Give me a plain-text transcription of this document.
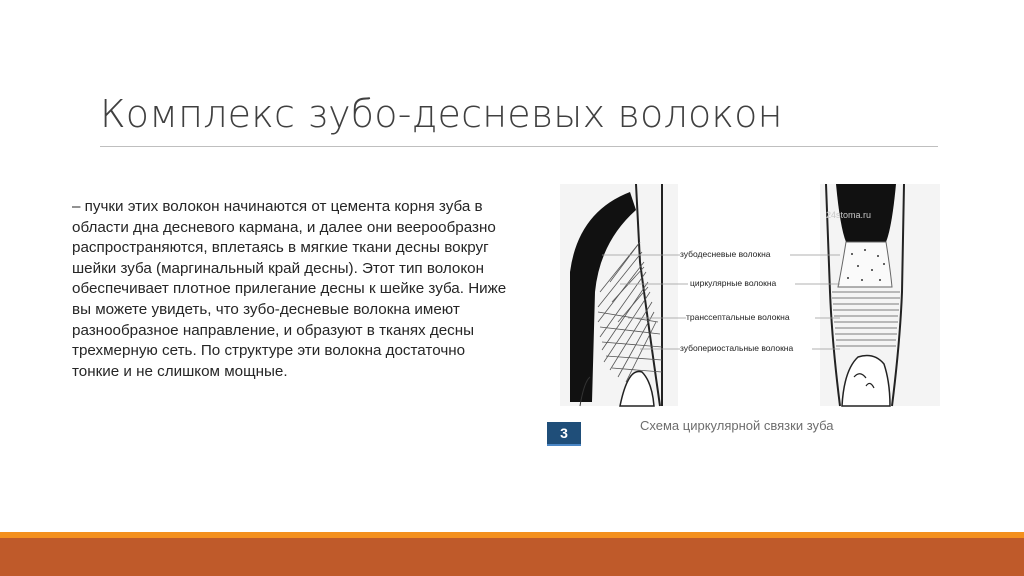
Комплекс зубо-десневых волокон
– пучки этих волокон начинаются от цемента корня зуба в области дна десневого кармана, и далее они веерообразно распространяются, вплетаясь в мягкие ткани десны вокруг шейки зуба (маргинальный край десны). Этот тип волокон обеспечивает плотное прилегание десны к шейке зуба. Ниже вы можете увидеть, что зубо-десневые волокна имеют разнообразное направление, и образуют в тканях десны трехмерную сеть. По структуре эти волокна достаточно тонкие и не слишком мощные.
зубодесневые волокна
циркулярные волокна
транссептальные волокна
зубопериостальные волокна
24stoma.ru
3	Схема циркулярной связки зуба
